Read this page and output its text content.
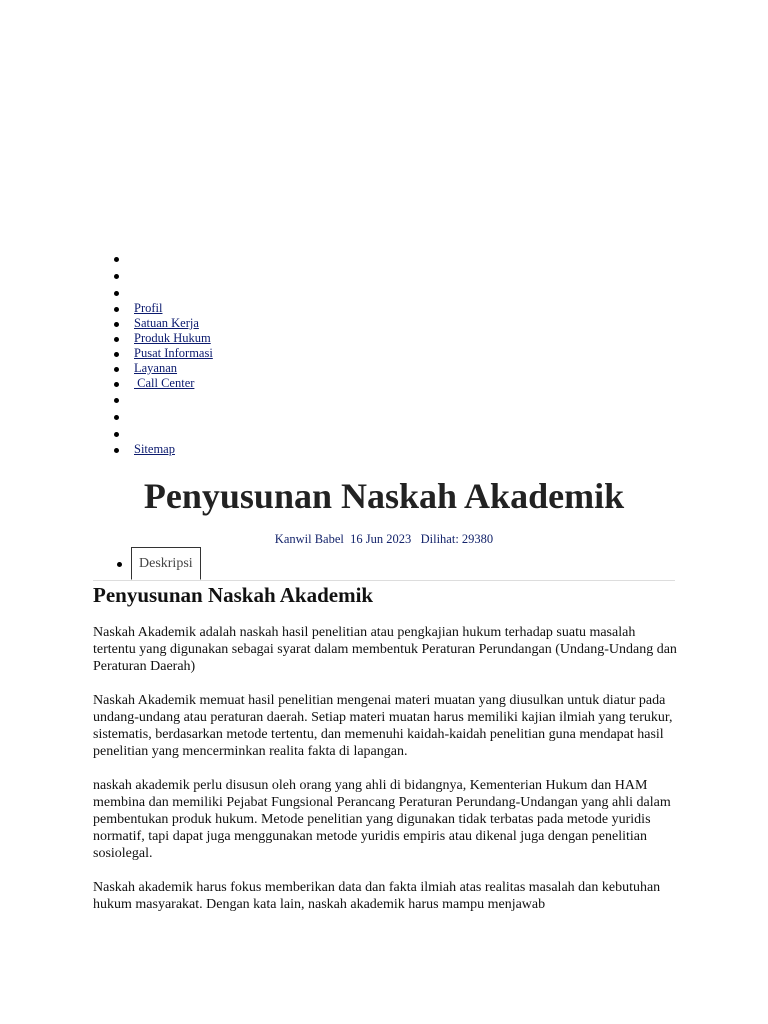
Profil
Satuan Kerja
Produk Hukum
Pusat Informasi
Layanan
Call Center
Sitemap
Penyusunan Naskah Akademik
Kanwil Babel  16 Jun 2023   Dilihat: 29380
Deskripsi
Penyusunan Naskah Akademik

Naskah Akademik adalah naskah hasil penelitian atau pengkajian hukum terhadap suatu masalah tertentu yang digunakan sebagai syarat dalam membentuk Peraturan Perundangan (Undang-Undang dan Peraturan Daerah)

Naskah Akademik memuat hasil penelitian mengenai materi muatan yang diusulkan untuk diatur pada undang-undang atau peraturan daerah. Setiap materi muatan harus memiliki kajian ilmiah yang terukur, sistematis, berdasarkan metode tertentu, dan memenuhi kaidah-kaidah penelitian guna mendapat hasil penelitian yang mencerminkan realita fakta di lapangan.

naskah akademik perlu disusun oleh orang yang ahli di bidangnya, Kementerian Hukum dan HAM membina dan memiliki Pejabat Fungsional Perancang Peraturan Perundang-Undangan yang ahli dalam pembentukan produk hukum. Metode penelitian yang digunakan tidak terbatas pada metode yuridis normatif, tapi dapat juga menggunakan metode yuridis empiris atau dikenal juga dengan penelitian sosiolegal.

Naskah akademik harus fokus memberikan data dan fakta ilmiah atas realitas masalah dan kebutuhan hukum masyarakat. Dengan kata lain, naskah akademik harus mampu menjawab
